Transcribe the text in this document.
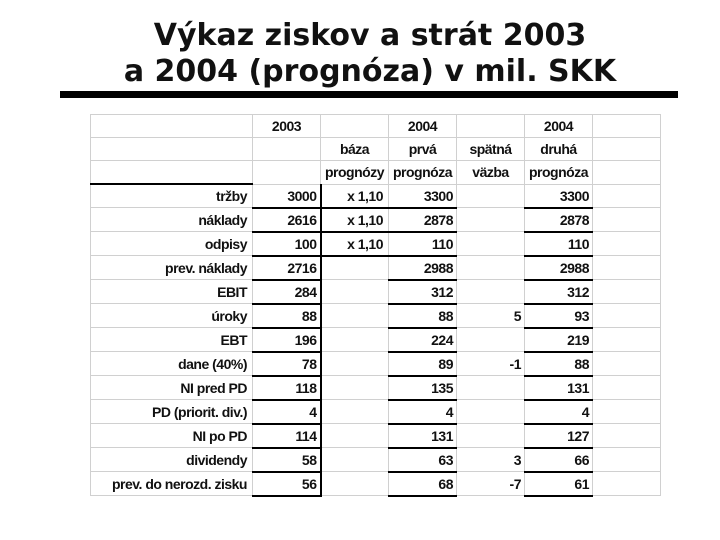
Výkaz ziskov a strát 2003
a 2004 (prognóza) v mil. SKK
	2003		2004		2004	
		báza	prvá	spätná	druhá	
		prognózy	prognóza	väzba	prognóza	
tržby	3000	x 1,10	3300		3300	
náklady	2616	x 1,10	2878		2878	
odpisy	100	x 1,10	110		110	
prev. náklady	2716		2988		2988	
EBIT	284		312		312	
úroky	88		88	5	93	
EBT	196		224		219	
dane (40%)	78		89	-1	88	
NI pred PD	118		135		131	
PD (priorit. div.)	4		4		4	
NI po PD	114		131		127	
dividendy	58		63	3	66	
prev. do nerozd. zisku	56		68	-7	61	
